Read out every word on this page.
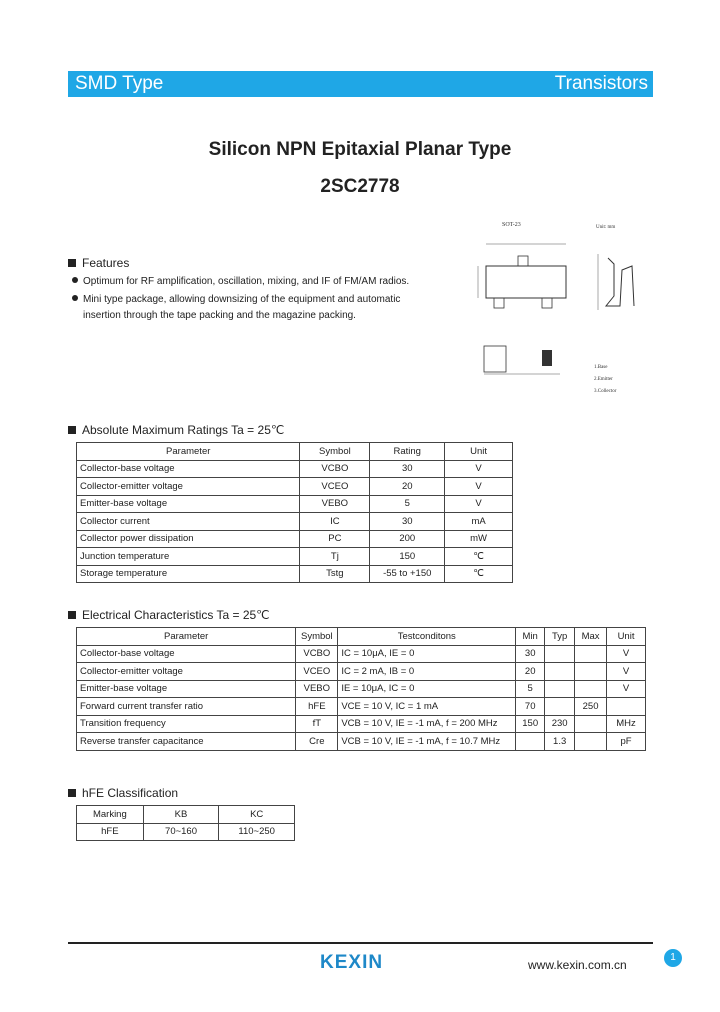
SMD Type	Transistors
Silicon NPN Epitaxial Planar Type
2SC2778
Features
Optimum for RF amplification, oscillation, mixing, and IF of FM/AM radios.
Mini type package, allowing downsizing of the equipment and automatic
insertion through the tape packing and the magazine packing.
SOT-23	Unit: mm
1.Base
2.Emitter
3.Collector
Absolute Maximum Ratings Ta = 25℃
Parameter	Symbol	Rating	Unit
Collector-base voltage	VCBO	30	V
Collector-emitter voltage	VCEO	20	V
Emitter-base voltage	VEBO	5	V
Collector current	IC	30	mA
Collector power dissipation	PC	200	mW
Junction temperature	Tj	150	℃
Storage temperature	Tstg	-55 to +150	℃
Electrical Characteristics Ta = 25℃
Parameter	Symbol	Testconditons	Min	Typ	Max	Unit
Collector-base voltage	VCBO	IC = 10μA, IE = 0	30			V
Collector-emitter voltage	VCEO	IC = 2 mA, IB = 0	20			V
Emitter-base voltage	VEBO	IE = 10μA, IC = 0	5			V
Forward current transfer ratio	hFE	VCE = 10 V, IC = 1 mA	70		250	
Transition frequency	fT	VCB = 10 V, IE = -1 mA, f = 200 MHz	150	230		MHz
Reverse transfer capacitance	Cre	VCB = 10 V, IE = -1 mA, f = 10.7 MHz		1.3		pF
hFE Classification
Marking	KB	KC
hFE	70~160	110~250
1
KEXIN	www.kexin.com.cn
